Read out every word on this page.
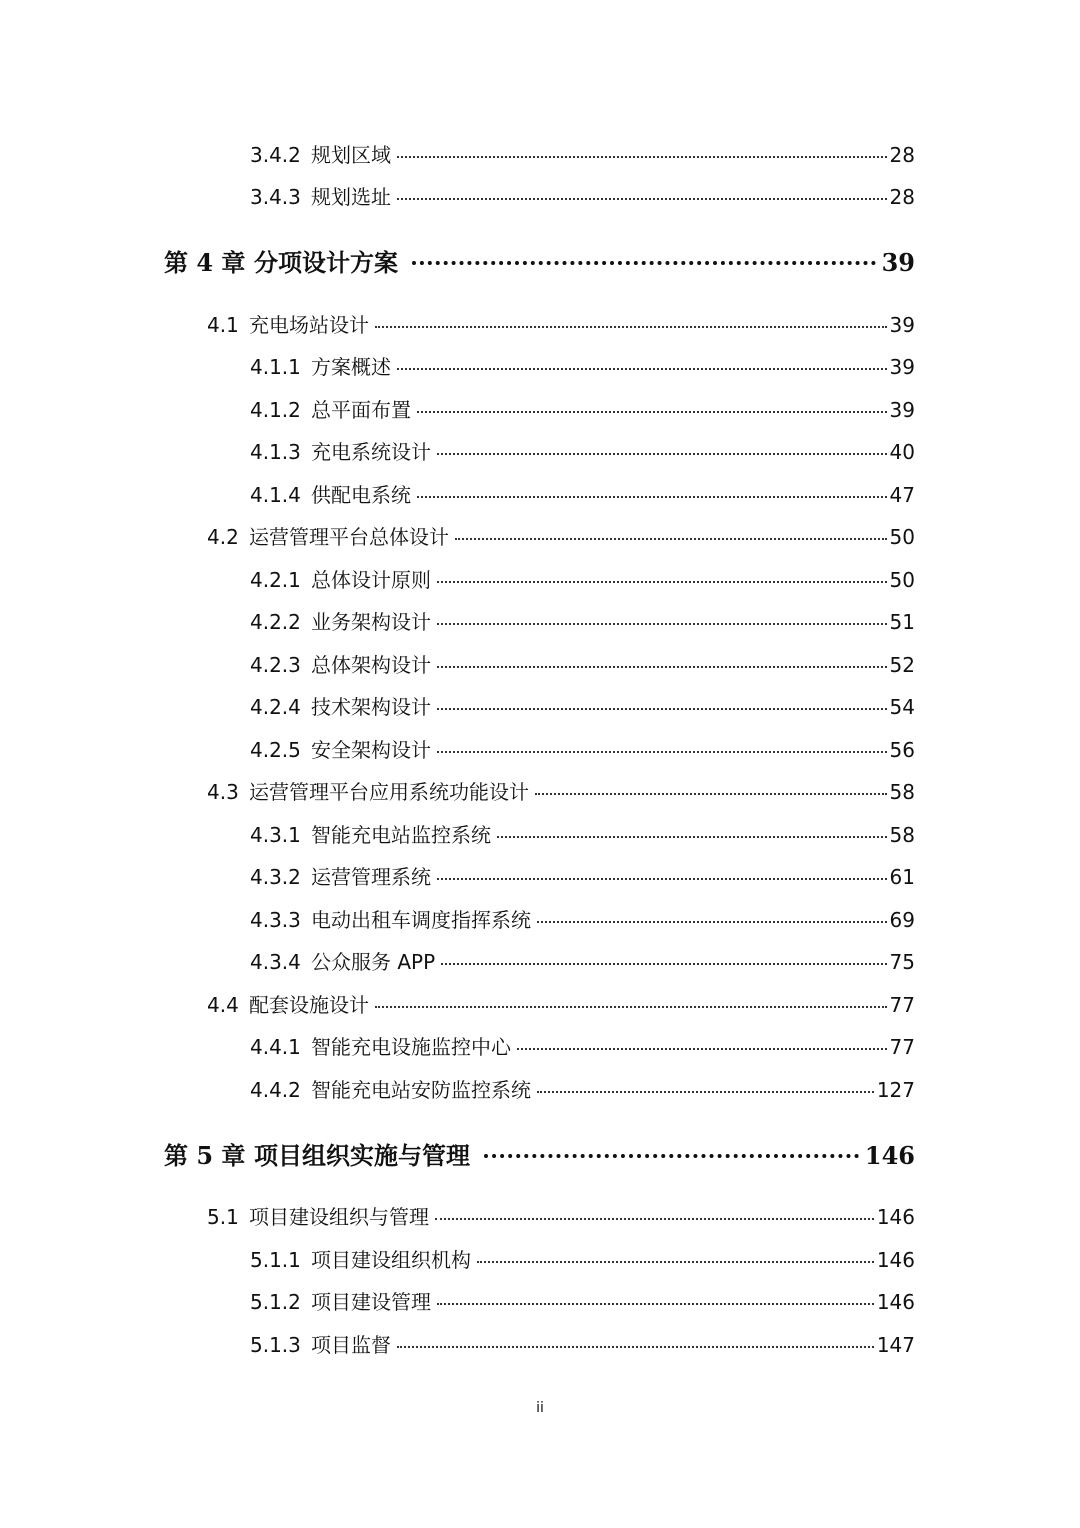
3.4.2 规划区域	28
3.4.3 规划选址	28
第 4 章 分项设计方案	39
4.1 充电场站设计	39
4.1.1 方案概述	39
4.1.2 总平面布置	39
4.1.3 充电系统设计	40
4.1.4 供配电系统	47
4.2 运营管理平台总体设计	50
4.2.1 总体设计原则	50
4.2.2 业务架构设计	51
4.2.3 总体架构设计	52
4.2.4 技术架构设计	54
4.2.5 安全架构设计	56
4.3 运营管理平台应用系统功能设计	58
4.3.1 智能充电站监控系统	58
4.3.2 运营管理系统	61
4.3.3 电动出租车调度指挥系统	69
4.3.4 公众服务 APP	75
4.4 配套设施设计	77
4.4.1 智能充电设施监控中心	77
4.4.2 智能充电站安防监控系统	127
第 5 章 项目组织实施与管理	146
5.1 项目建设组织与管理	146
5.1.1 项目建设组织机构	146
5.1.2 项目建设管理	146
5.1.3 项目监督	147
ii
